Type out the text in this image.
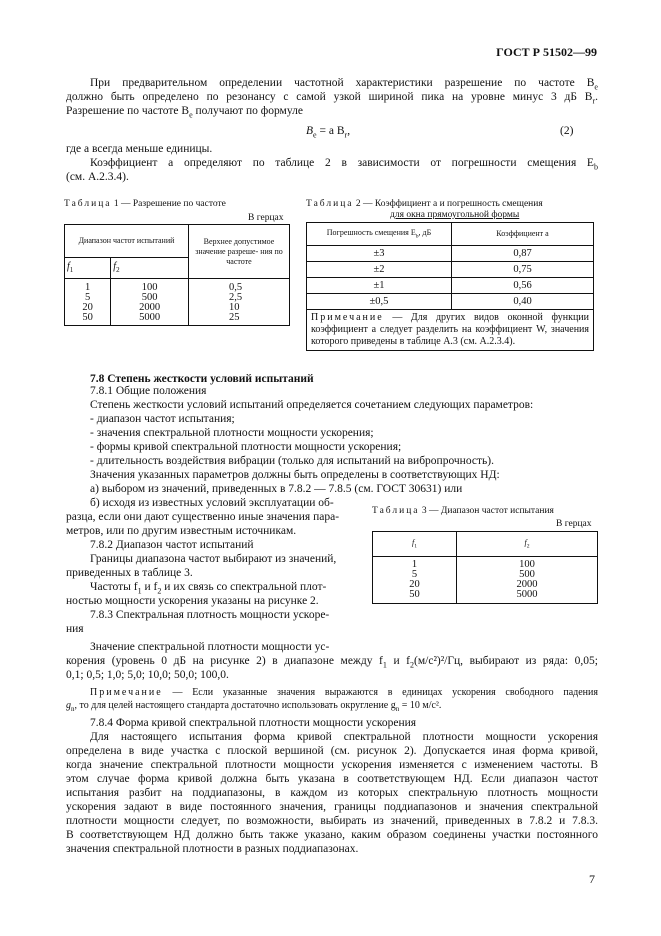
ГОСТ Р 51502—99
При предварительном определении частотной характеристики разрешение по частоте $B_e$
должно быть определено по резонансу с самой узкой шириной пика на уровне минус 3 дБ $B_r$.
Разрешение по частоте $B_e$ получают по формуле
$B_e = a$ $B_r$,	(2)
где a всегда меньше единицы.
Коэффициент a определяют по таблице 2 в зависимости от погрешности смещения $E_b$
(см. А.2.3.4).
Таблица 1 — Разрешение по частоте
В герцах
Диапазон частот испытаний		Верхнее допустимое значение разреше- ния по частоте
$f_1$	$f_2$
1	100	0,5
5	500	2,5
20	2000	10
50	5000	25
Таблица 2 — Коэффициент a и погрешность смещения
для окна прямоугольной формы
Погрешность смещения $E_b$, дБ	Коэффициент a
±3	0,87
±2	0,75
±1	0,56
±0,5	0,40
Примечание — Для других видов оконной функции коэффициент a следует разделить на коэффициент W, значения которого приведены в таблице А.3 (см. А.2.3.4).	
7.8 Степень жесткости условий испытаний
7.8.1 Общие положения
Степень жесткости условий испытаний определяется сочетанием следующих параметров:
- диапазон частот испытания;
- значения спектральной плотности мощности ускорения;
- формы кривой спектральной плотности мощности ускорения;
- длительность воздействия вибрации (только для испытаний на вибропрочность).
Значения указанных параметров должны быть определены в соответствующих НД:
а) выбором из значений, приведенных в 7.8.2 — 7.8.5 (см. ГОСТ 30631) или
б) исходя из известных условий эксплуатации об-
разца, если они дают существенно иные значения пара-
метров, или по другим известным источникам.
7.8.2 Диапазон частот испытаний
Границы диапазона частот выбирают из значений,
приведенных в таблице 3.
Частоты $f_1$ и $f_2$ и их связь со спектральной плот-
ностью мощности ускорения указаны на рисунке 2.
7.8.3 Спектральная плотность мощности ускоре-
ния
Значение спектральной плотности мощности ус-
корения (уровень 0 дБ на рисунке 2) в диапазоне между $f_1$ и $f_2(м/с^2)^2/Гц$, выбирают из ряда: 0,05;
0,1; 0,5; 1,0; 5,0; 10,0; 50,0; 100,0.
Примечание — Если указанные значения выражаются в единицах ускорения свободного падения
$g_n$, то для целей настоящего стандарта достаточно использовать округление $g_n = 10$ м/с².
7.8.4 Форма кривой спектральной плотности мощности ускорения
Для настоящего испытания форма кривой спектральной плотности мощности ускорения
определена в виде участка с плоской вершиной (см. рисунок 2). Допускается иная форма кривой,
когда значение спектральной плотности мощности ускорения изменяется с изменением частоты. В
этом случае форма кривой должна быть указана в соответствующем НД. Если диапазон частот
испытания разбит на поддиапазоны, в каждом из которых спектральную плотность мощности
ускорения задают в виде постоянного значения, границы поддиапазонов и значения спектральной
плотности мощности следует, по возможности, выбирать из значений, приведенных в 7.8.2 и 7.8.3.
В соответствующем НД должно быть также указано, каким образом соединены участки постоянного
значения спектральной плотности в разных поддиапазонах.
Таблица 3 — Диапазон частот испытания
В герцах
$f_1$	$f_2$
1	100
5	500
20	2000
50	5000
7
